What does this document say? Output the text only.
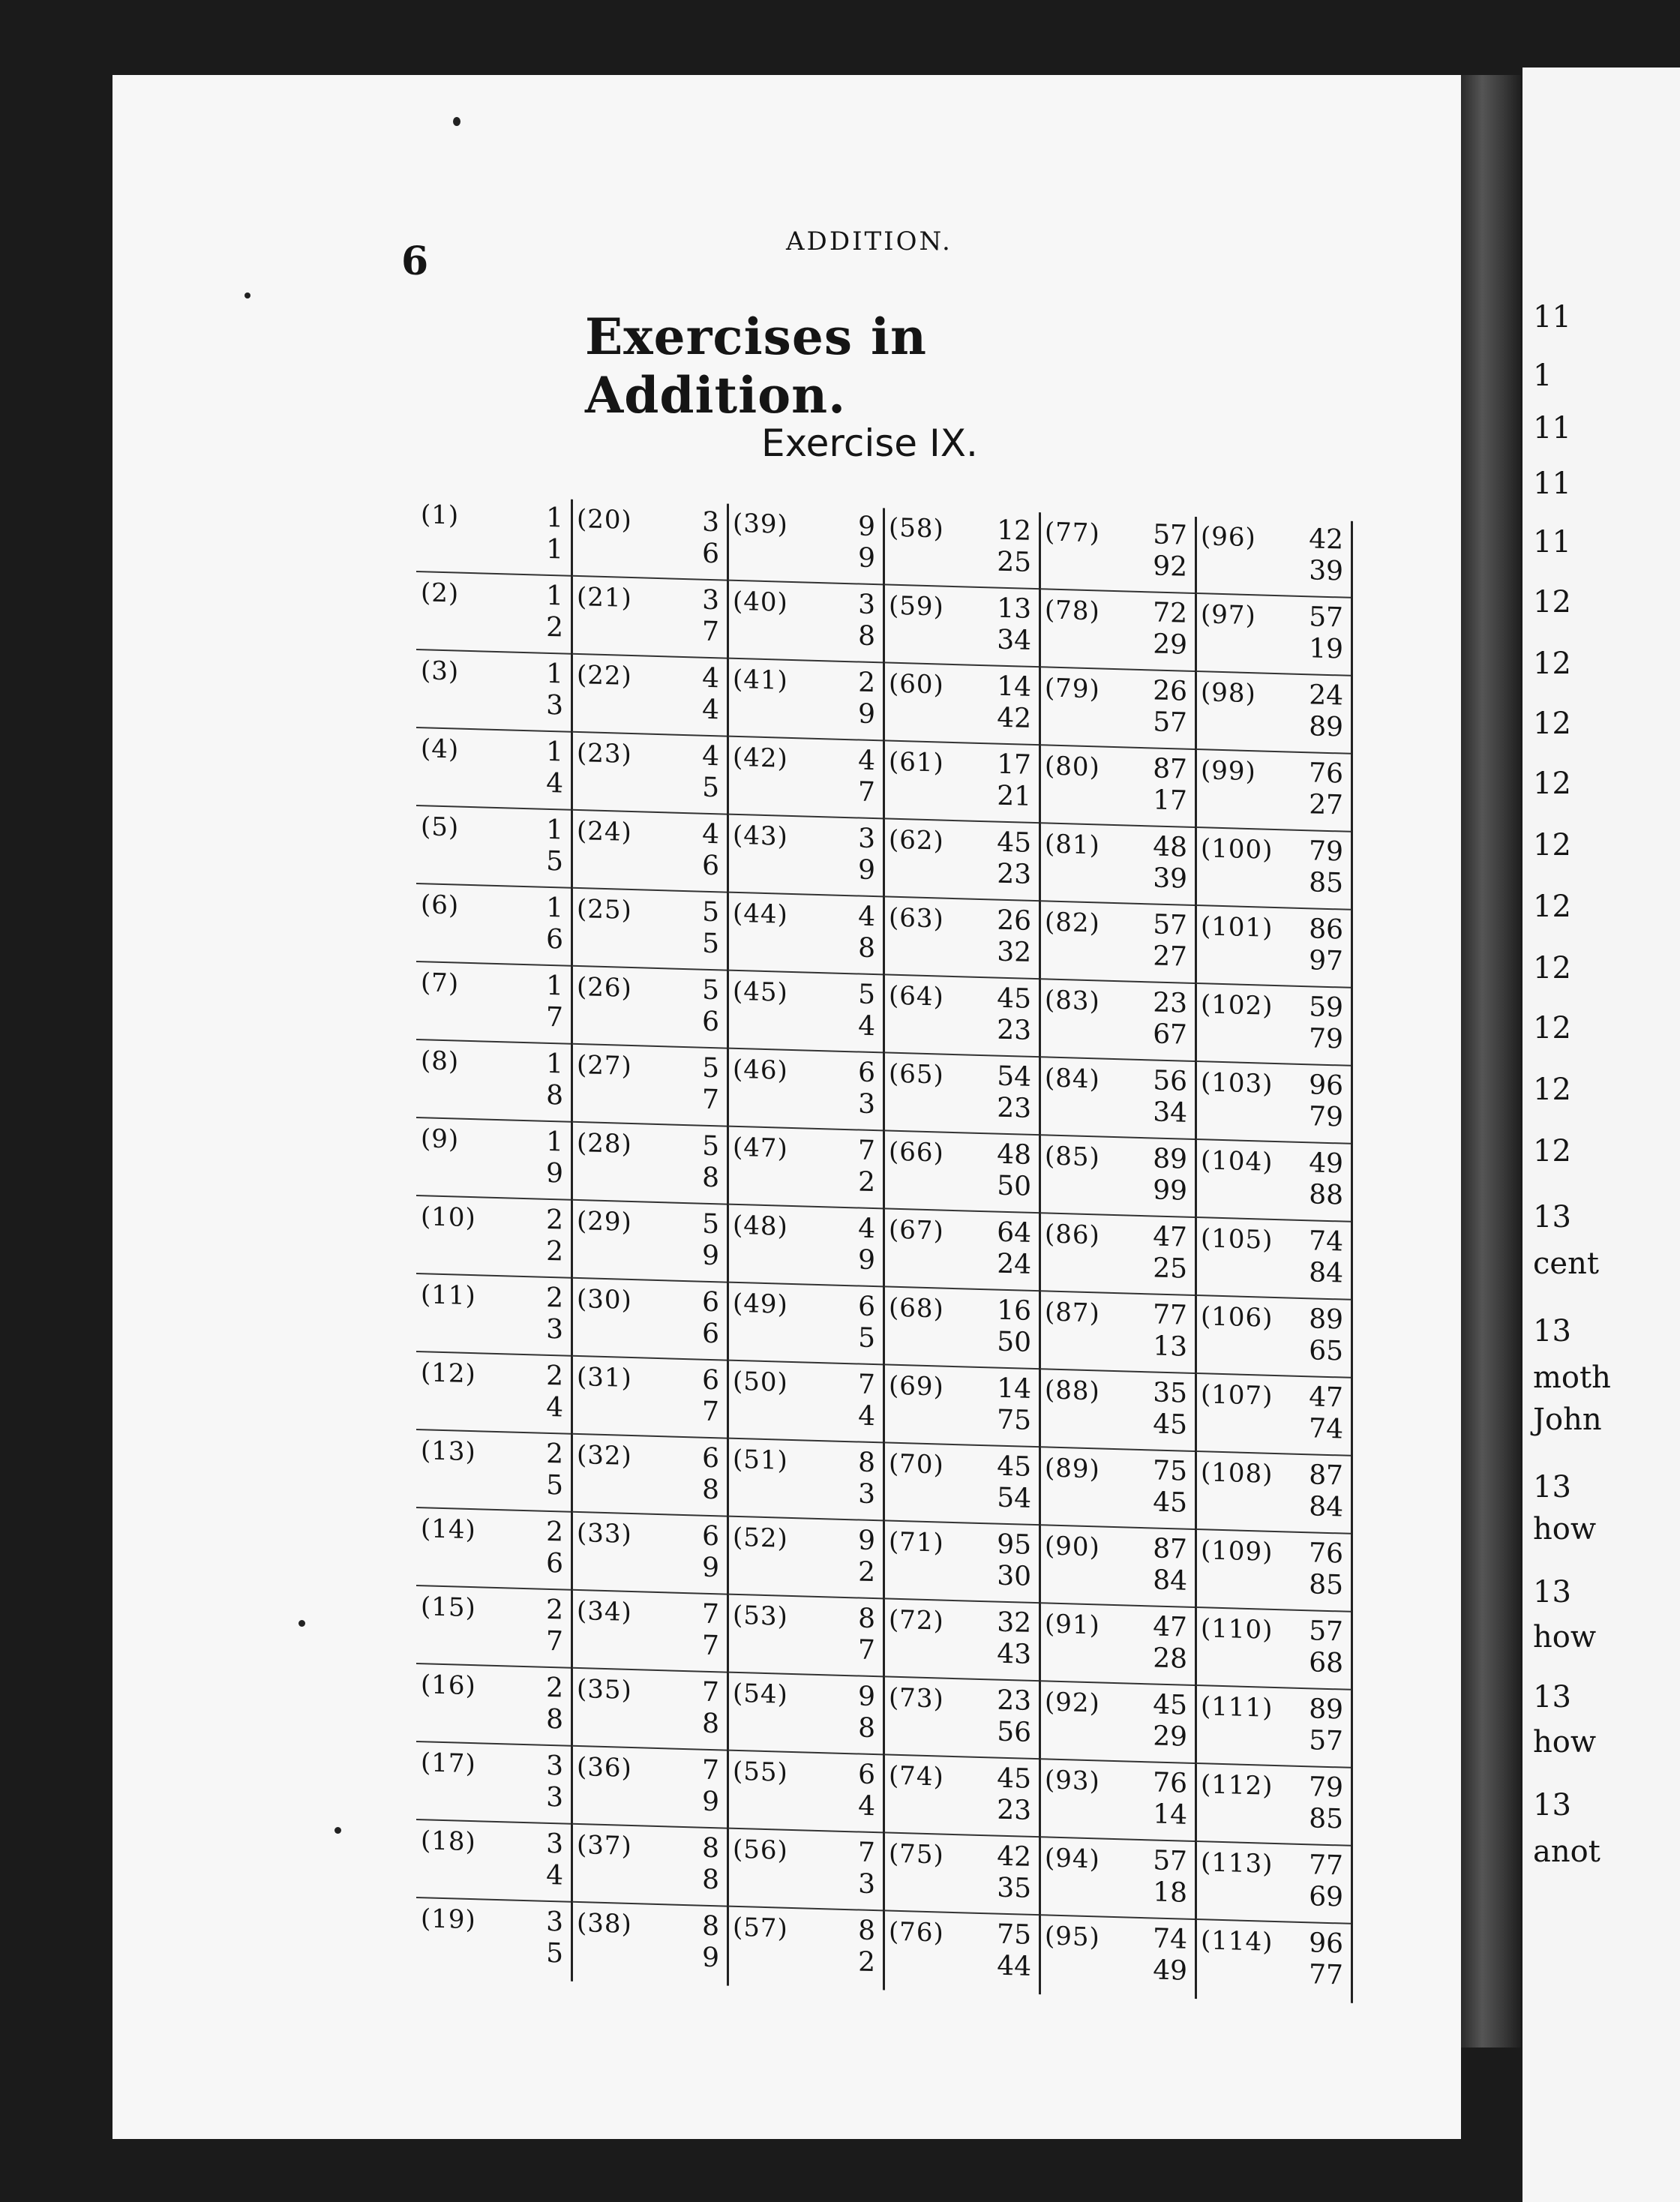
11
1
11
11
11
12
12
12
12
12
12
12
12
12
12
13
cent
13
moth
John
13
how
13
how
13
how
13
anot
6	ADDITION.
Exercises in Addition.
Exercise IX.
(1)	1
1
(2)	1
2
(3)	1
3
(4)	1
4
(5)	1
5
(6)	1
6
(7)	1
7
(8)	1
8
(9)	1
9
(10)	2
2
(11)	2
3
(12)	2
4
(13)	2
5
(14)	2
6
(15)	2
7
(16)	2
8
(17)	3
3
(18)	3
4
(19)	3
5
(20)	3
6
(21)	3
7
(22)	4
4
(23)	4
5
(24)	4
6
(25)	5
5
(26)	5
6
(27)	5
7
(28)	5
8
(29)	5
9
(30)	6
6
(31)	6
7
(32)	6
8
(33)	6
9
(34)	7
7
(35)	7
8
(36)	7
9
(37)	8
8
(38)	8
9
(39)	9
9
(40)	3
8
(41)	2
9
(42)	4
7
(43)	3
9
(44)	4
8
(45)	5
4
(46)	6
3
(47)	7
2
(48)	4
9
(49)	6
5
(50)	7
4
(51)	8
3
(52)	9
2
(53)	8
7
(54)	9
8
(55)	6
4
(56)	7
3
(57)	8
2
(58) 12
25
(59) 13
34
(60) 14
42
(61) 17
21
(62) 45
23
(63) 26
32
(64) 45
23
(65) 54
23
(66) 48
50
(67) 64
24
(68) 16
50
(69) 14
75
(70) 45
54
(71) 95
30
(72) 32
43
(73) 23
56
(74) 45
23
(75) 42
35
(76) 75
44
(77) 57
92
(78) 72
29
(79) 26
57
(80) 87
17
(81) 48
39
(82) 57
27
(83) 23
67
(84) 56
34
(85) 89
99
(86) 47
25
(87) 77
13
(88) 35
45
(89) 75
45
(90) 87
84
(91) 47
28
(92) 45
29
(93) 76
14
(94) 57
18
(95) 74
49
(96) 42
39
(97) 57
19
(98) 24
89
(99) 76
27
(100) 79
85
(101) 86
97
(102) 59
79
(103) 96
79
(104) 49
88
(105) 74
84
(106) 89
65
(107) 47
74
(108) 87
84
(109) 76
85
(110) 57
68
(111) 89
57
(112) 79
85
(113) 77
69
(114) 96
77
